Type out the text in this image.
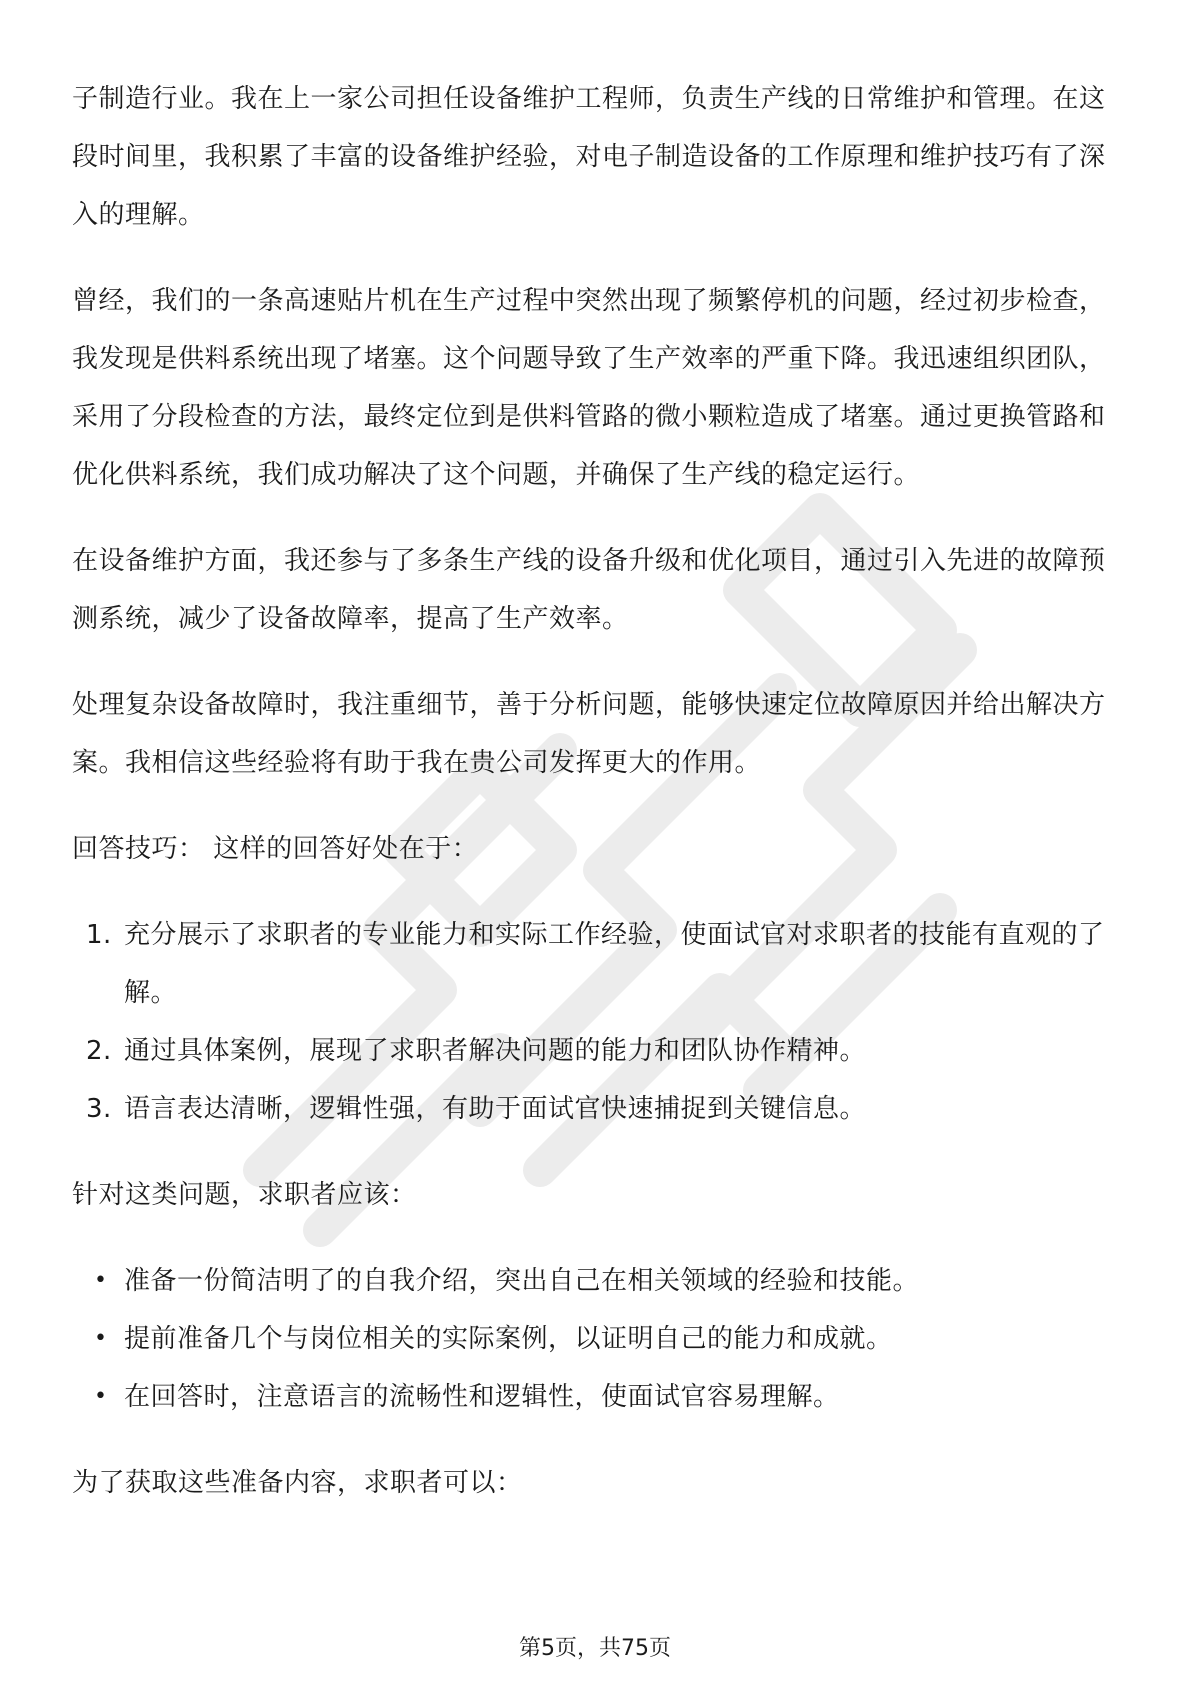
子制造行业。我在上一家公司担任设备维护工程师，负责生产线的日常维护和管理。在这段时间里，我积累了丰富的设备维护经验，对电子制造设备的工作原理和维护技巧有了深入的理解。

曾经，我们的一条高速贴片机在生产过程中突然出现了频繁停机的问题，经过初步检查，我发现是供料系统出现了堵塞。这个问题导致了生产效率的严重下降。我迅速组织团队，采用了分段检查的方法，最终定位到是供料管路的微小颗粒造成了堵塞。通过更换管路和优化供料系统，我们成功解决了这个问题，并确保了生产线的稳定运行。

在设备维护方面，我还参与了多条生产线的设备升级和优化项目，通过引入先进的故障预测系统，减少了设备故障率，提高了生产效率。

处理复杂设备故障时，我注重细节，善于分析问题，能够快速定位故障原因并给出解决方案。我相信这些经验将有助于我在贵公司发挥更大的作用。

回答技巧： 这样的回答好处在于：

1. 充分展示了求职者的专业能力和实际工作经验，使面试官对求职者的技能有直观的了解。
2. 通过具体案例，展现了求职者解决问题的能力和团队协作精神。
3. 语言表达清晰，逻辑性强，有助于面试官快速捕捉到关键信息。

针对这类问题，求职者应该：

• 准备一份简洁明了的自我介绍，突出自己在相关领域的经验和技能。
• 提前准备几个与岗位相关的实际案例，以证明自己的能力和成就。
• 在回答时，注意语言的流畅性和逻辑性，使面试官容易理解。

为了获取这些准备内容，求职者可以：

第5页，共75页
